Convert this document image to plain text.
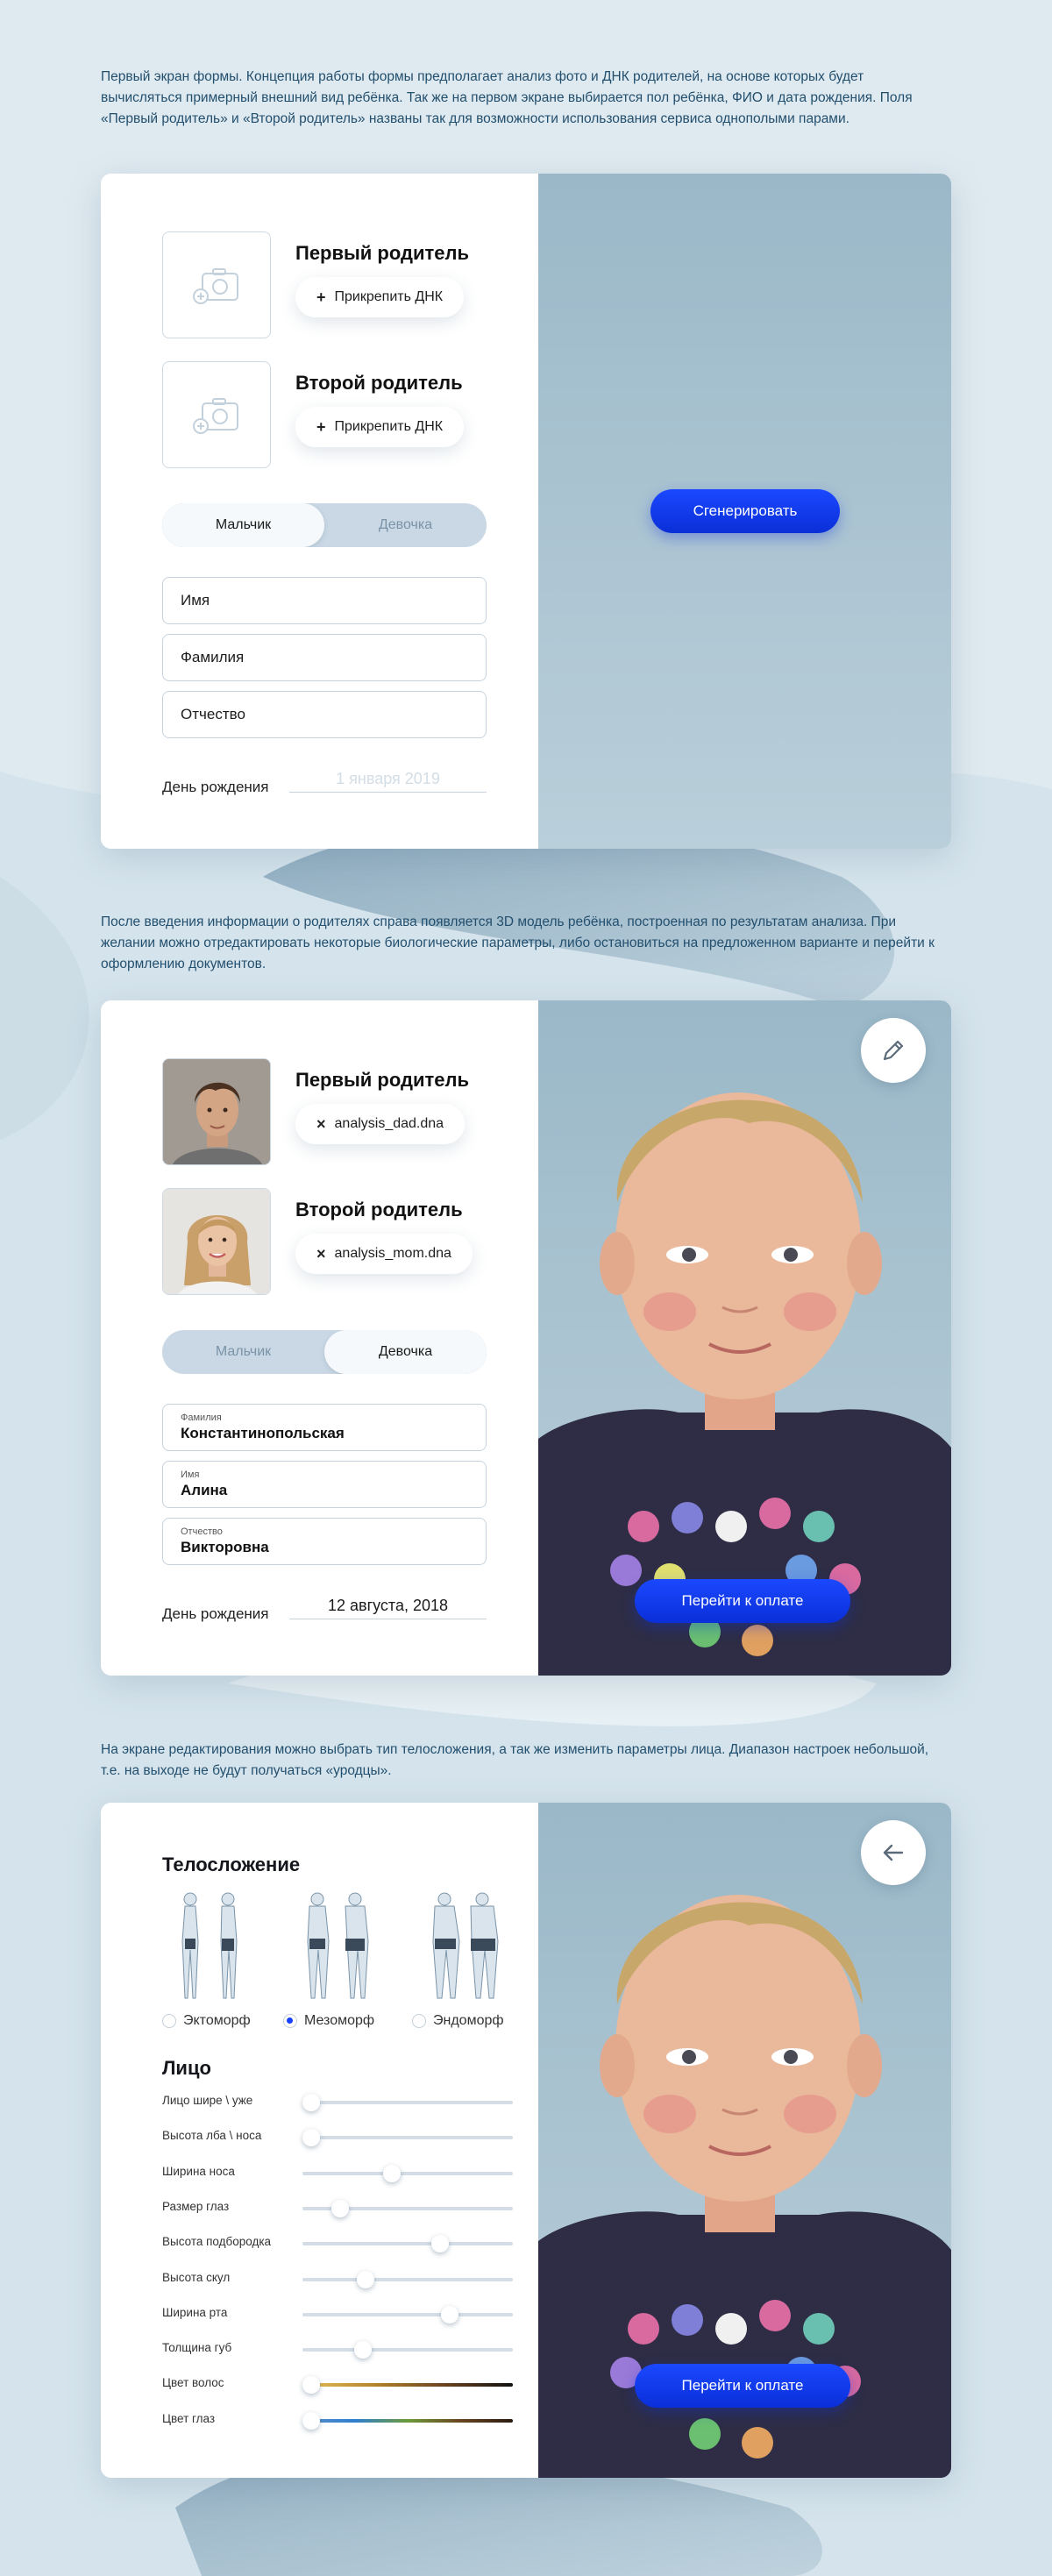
Первый экран формы. Концепция работы формы предполагает анализ фото и ДНК родителей, на основе которых будет вычисляться примерный внешний вид ребёнка. Так же на первом экране выбирается пол ребёнка, ФИО и дата рождения. Поля «Первый родитель» и «Второй родитель» названы так для возможности использования сервиса однополыми парами.

Первый родитель
+ Прикрепить ДНК
Второй родитель
+ Прикрепить ДНК
Мальчик	Девочка
Имя
Фамилия
Отчество
День рождения	1 января 2019
Сгенерировать

После введения информации о родителях справа появляется 3D модель ребёнка, построенная по результатам анализа. При желании можно отредактировать некоторые биологические параметры, либо остановиться на предложенном варианте и перейти к оформлению документов.

Первый родитель
× analysis_dad.dna
Второй родитель
× analysis_mom.dna
Мальчик	Девочка
Фамилия
Константинопольская
Имя
Алина
Отчество
Викторовна
День рождения	12 августа, 2018	Перейти к оплате

На экране редактирования можно выбрать тип телосложения, а так же изменить параметры лица. Диапазон настроек небольшой, т.е. на выходе не будут получаться «уродцы».

Телосложение
Эктоморф	Мезоморф	Эндоморф
Лицо
Лицо шире \ уже
Высота лба \ носа
Ширина носа
Размер глаз
Высота подбородка
Высота скул
Ширина рта
Толщина губ
Цвет волос
Цвет глаз
Перейти к оплате
